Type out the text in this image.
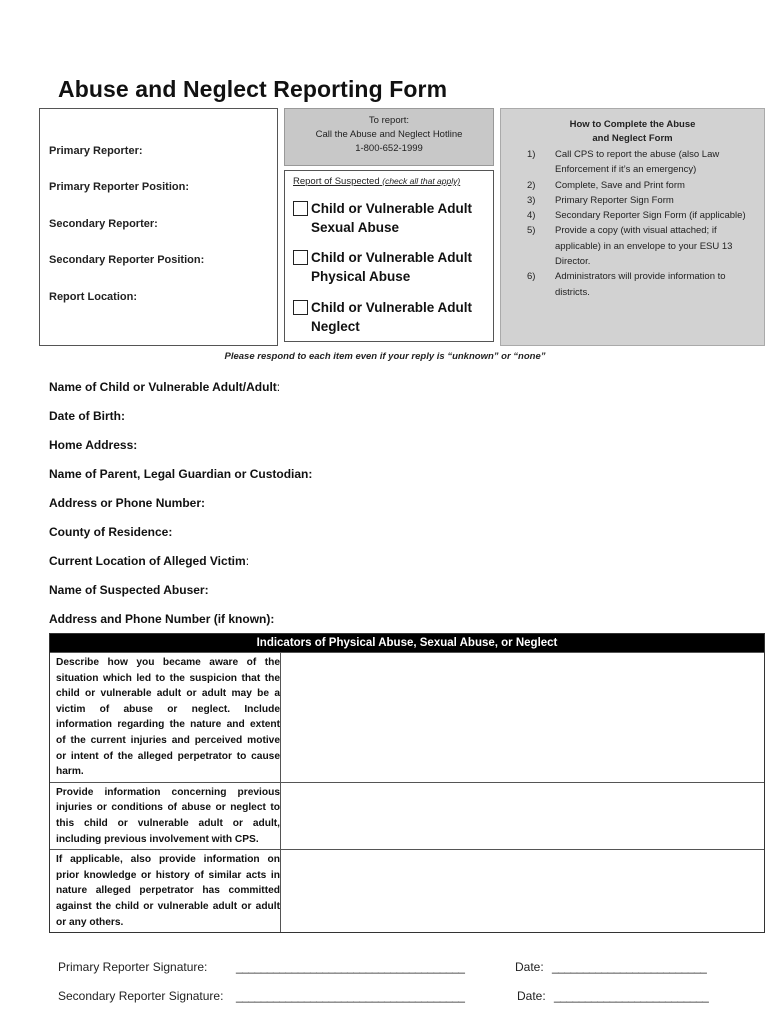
Abuse and Neglect Reporting Form
Primary Reporter:
Primary Reporter Position:
Secondary Reporter:
Secondary Reporter Position:
Report Location:
To report:
Call the Abuse and Neglect Hotline
1-800-652-1999
Report of Suspected (check all that apply)
Child or Vulnerable Adult
Sexual Abuse
Child or Vulnerable Adult
Physical Abuse
Child or Vulnerable Adult
Neglect
How to Complete the Abuse
and Neglect Form
1)	Call CPS to report the abuse (also Law Enforcement if it’s an emergency)
2)	Complete, Save and Print form
3)	Primary Reporter Sign Form
4)	Secondary Reporter Sign Form (if applicable)
5)	Provide a copy (with visual attached; if applicable) in an envelope to your ESU 13 Director.
6)	Administrators will provide information to districts.
Please respond to each item even if your reply is “unknown” or “none”
Name of Child or Vulnerable Adult/Adult:
Date of Birth:
Home Address:
Name of Parent, Legal Guardian or Custodian:
Address or Phone Number:
County of Residence:
Current Location of Alleged Victim:
Name of Suspected Abuser:
Address and Phone Number (if known):
Indicators of Physical Abuse, Sexual Abuse, or Neglect
Describe how you became aware of the situation which led to the suspicion that the child or vulnerable adult or adult may be a victim of abuse or neglect. Include information regarding the nature and extent of the current injuries and perceived motive or intent of the alleged perpetrator to cause harm.
Provide information concerning previous injuries or conditions of abuse or neglect to this child or vulnerable adult or adult, including previous involvement with CPS.
If applicable, also provide information on prior knowledge or history of similar acts in nature alleged perpetrator has committed against the child or vulnerable adult or adult or any others.
Primary Reporter Signature: _____________________________________	Date: _________________________
Secondary Reporter Signature: _____________________________________	Date: _________________________
